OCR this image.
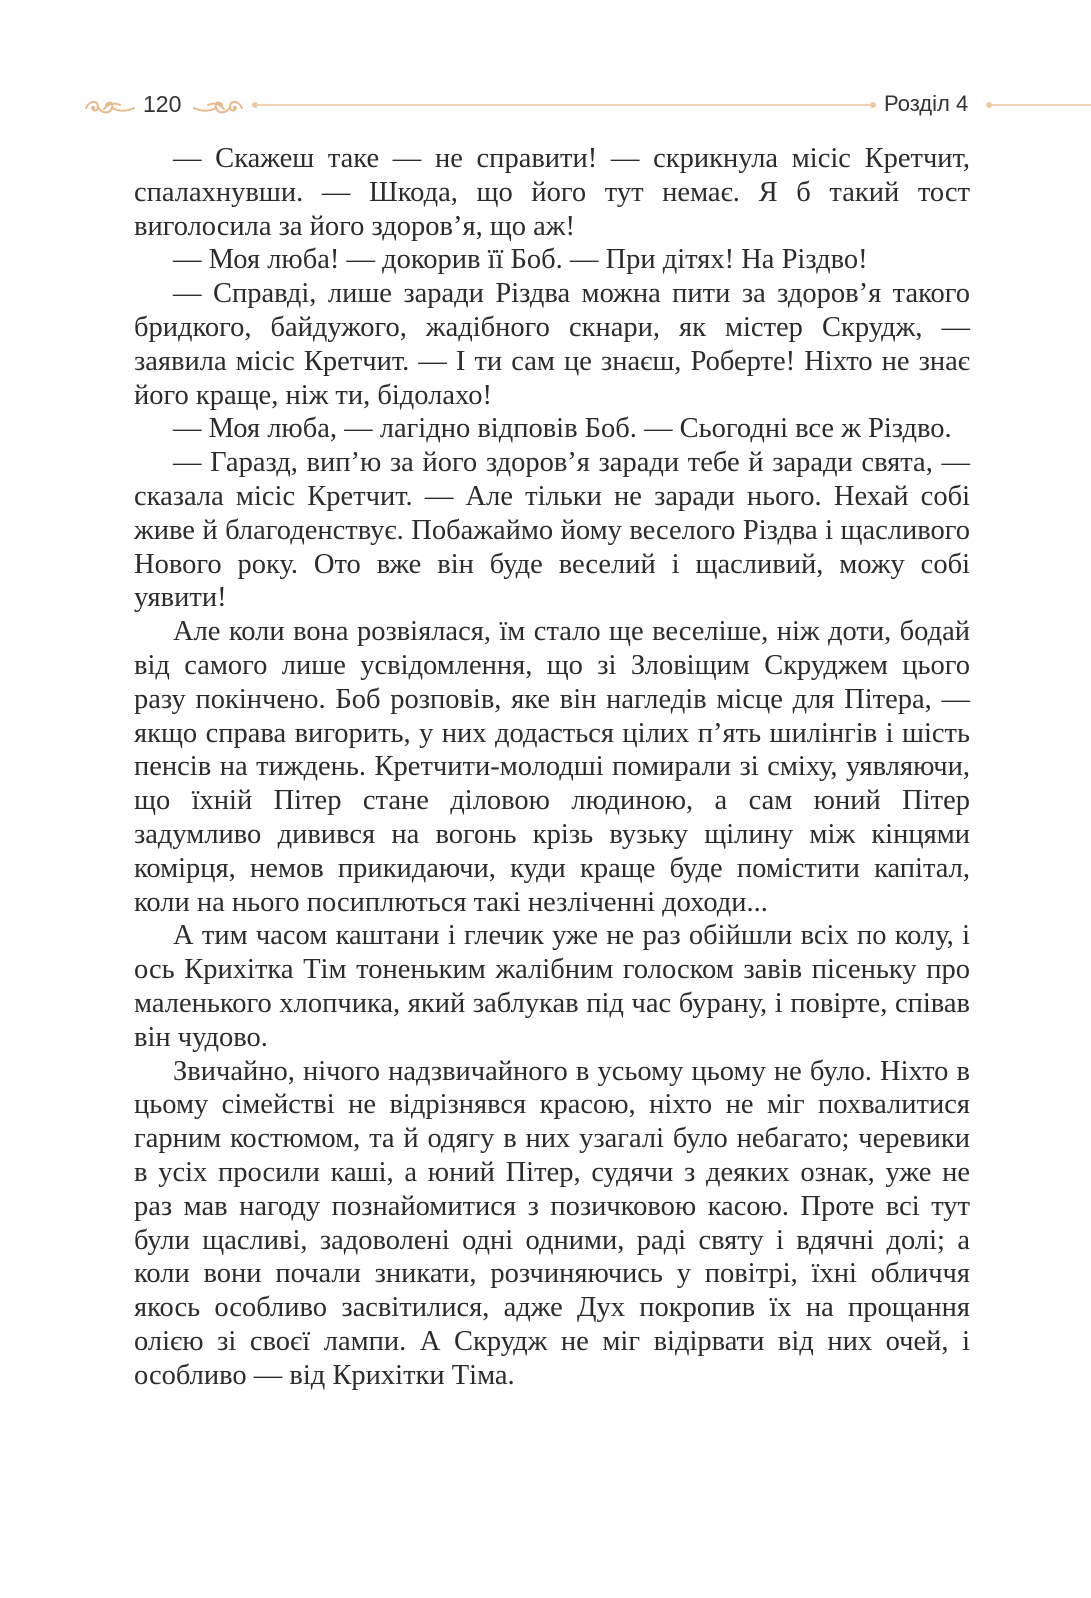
120	Розділ 4

— Скажеш таке — не справити! — скрикнула місіс Кретчит, спалахнувши. — Шкода, що його тут немає. Я б такий тост виголосила за його здоров’я, що аж!

— Моя люба! — докорив її Боб. — При дітях! На Різдво!

— Справді, лише заради Різдва можна пити за здоров’я такого бридкого, байдужого, жадібного скнари, як містер Скрудж, — заявила місіс Кретчит. — І ти сам це знаєш, Роберте! Ніхто не знає його краще, ніж ти, бідолахо!

— Моя люба, — лагідно відповів Боб. — Сьогодні все ж Різдво.

— Гаразд, вип’ю за його здоров’я заради тебе й заради свята, — сказала місіс Кретчит. — Але тільки не заради нього. Нехай собі живе й благоденствує. Побажаймо йому веселого Різдва і щасливого Нового року. Ото вже він буде веселий і щасливий, можу собі уявити!

Але коли вона розвіялася, їм стало ще веселіше, ніж доти, бодай від самого лише усвідомлення, що зі Зловіщим Скруджем цього разу покінчено. Боб розповів, яке він нагледів місце для Пітера, — якщо справа вигорить, у них додасться цілих п’ять шилінгів і шість пенсів на тиждень. Кретчити-молодші помирали зі сміху, уявляючи, що їхній Пітер стане діловою людиною, а сам юний Пітер задумливо дивився на вогонь крізь вузьку щілину між кінцями комірця, немов прикидаючи, куди краще буде помістити капітал, коли на нього посиплються такі незліченні доходи...

А тим часом каштани і глечик уже не раз обійшли всіх по колу, і ось Крихітка Тім тоненьким жалібним голоском завів пісеньку про маленького хлопчика, який заблукав під час бурану, і повірте, співав він чудово.

Звичайно, нічого надзвичайного в усьому цьому не було. Ніхто в цьому сімействі не відрізнявся красою, ніхто не міг похвалитися гарним костюмом, та й одягу в них узагалі було небагато; черевики в усіх просили каші, а юний Пітер, судячи з деяких ознак, уже не раз мав нагоду познайомитися з позичковою касою. Проте всі тут були щасливі, задоволені одні одними, раді святу і вдячні долі; а коли вони почали зникати, розчиняючись у повітрі, їхні обличчя якось особливо засвітилися, адже Дух покропив їх на прощання олією зі своєї лампи. А Скрудж не міг відірвати від них очей, і особливо — від Крихітки Тіма.
